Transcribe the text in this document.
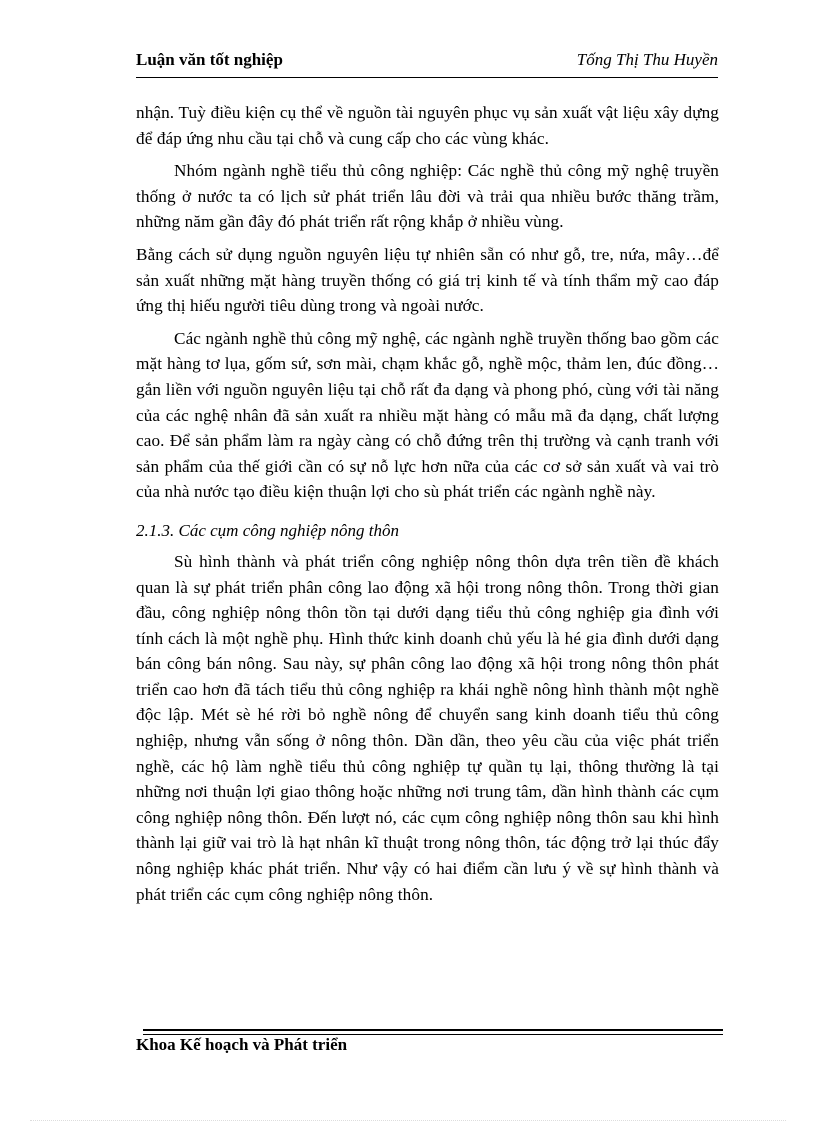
Luận văn tốt nghiệp	Tống Thị Thu Huyền

nhận. Tuỳ điều kiện cụ thể về nguồn tài nguyên phục vụ sản xuất vật liệu xây dựng để đáp ứng nhu cầu tại chỗ và cung cấp cho các vùng khác.

Nhóm ngành nghề tiểu thủ công nghiệp: Các nghề thủ công mỹ nghệ truyền thống ở nước ta có lịch sử phát triển lâu đời và trải qua nhiều bước thăng trầm, những năm gần đây đó phát triển rất rộng khắp ở nhiều vùng.

Bằng cách sử dụng nguồn nguyên liệu tự nhiên sẵn có như gỗ, tre, nứa, mây…để sản xuất những mặt hàng truyền thống có giá trị kinh tế và tính thẩm mỹ cao đáp ứng thị hiếu người tiêu dùng trong và ngoài nước.

Các ngành nghề thủ công mỹ nghệ, các ngành nghề truyền thống bao gồm các mặt hàng tơ lụa, gốm sứ, sơn mài, chạm khắc gỗ, nghề mộc, thảm len, đúc đồng… gắn liền với nguồn nguyên liệu tại chỗ rất đa dạng và phong phó, cùng với tài năng của các nghệ nhân đã sản xuất ra nhiều mặt hàng có mẫu mã đa dạng, chất lượng cao. Để sản phẩm làm ra ngày càng có chỗ đứng trên thị trường và cạnh tranh với sản phẩm của thế giới cần có sự nỗ lực hơn nữa của các cơ sở sản xuất và vai trò của nhà nước tạo điều kiện thuận lợi cho sù phát triển các ngành nghề này.

2.1.3. Các cụm công nghiệp nông thôn

Sù hình thành và phát triển công nghiệp nông thôn dựa trên tiền đề khách quan là sự phát triển phân công lao động xã hội trong nông thôn. Trong thời gian đầu, công nghiệp nông thôn tồn tại dưới dạng tiểu thủ công nghiệp gia đình với tính cách là một nghề phụ. Hình thức kinh doanh chủ yếu là hé gia đình dưới dạng bán công bán nông. Sau này, sự phân công lao động xã hội trong nông thôn phát triển cao hơn đã tách tiểu thủ công nghiệp ra khái nghề nông hình thành một nghề độc lập. Mét sè hé rời bỏ nghề nông để chuyển sang kinh doanh tiểu thủ công nghiệp, nhưng vẫn sống ở nông thôn. Dần dần, theo yêu cầu của việc phát triển nghề, các hộ làm nghề tiểu thủ công nghiệp tự quần tụ lại, thông thường là tại những nơi thuận lợi giao thông hoặc những nơi trung tâm, dần hình thành các cụm công nghiệp nông thôn. Đến lượt nó, các cụm công nghiệp nông thôn sau khi hình thành lại giữ vai trò là hạt nhân kĩ thuật trong nông thôn, tác động trở lại thúc đẩy nông nghiệp khác phát triển. Như vậy có hai điểm cần lưu ý về sự hình thành và phát triển các cụm công nghiệp nông thôn.

Khoa Kế hoạch và Phát triển
